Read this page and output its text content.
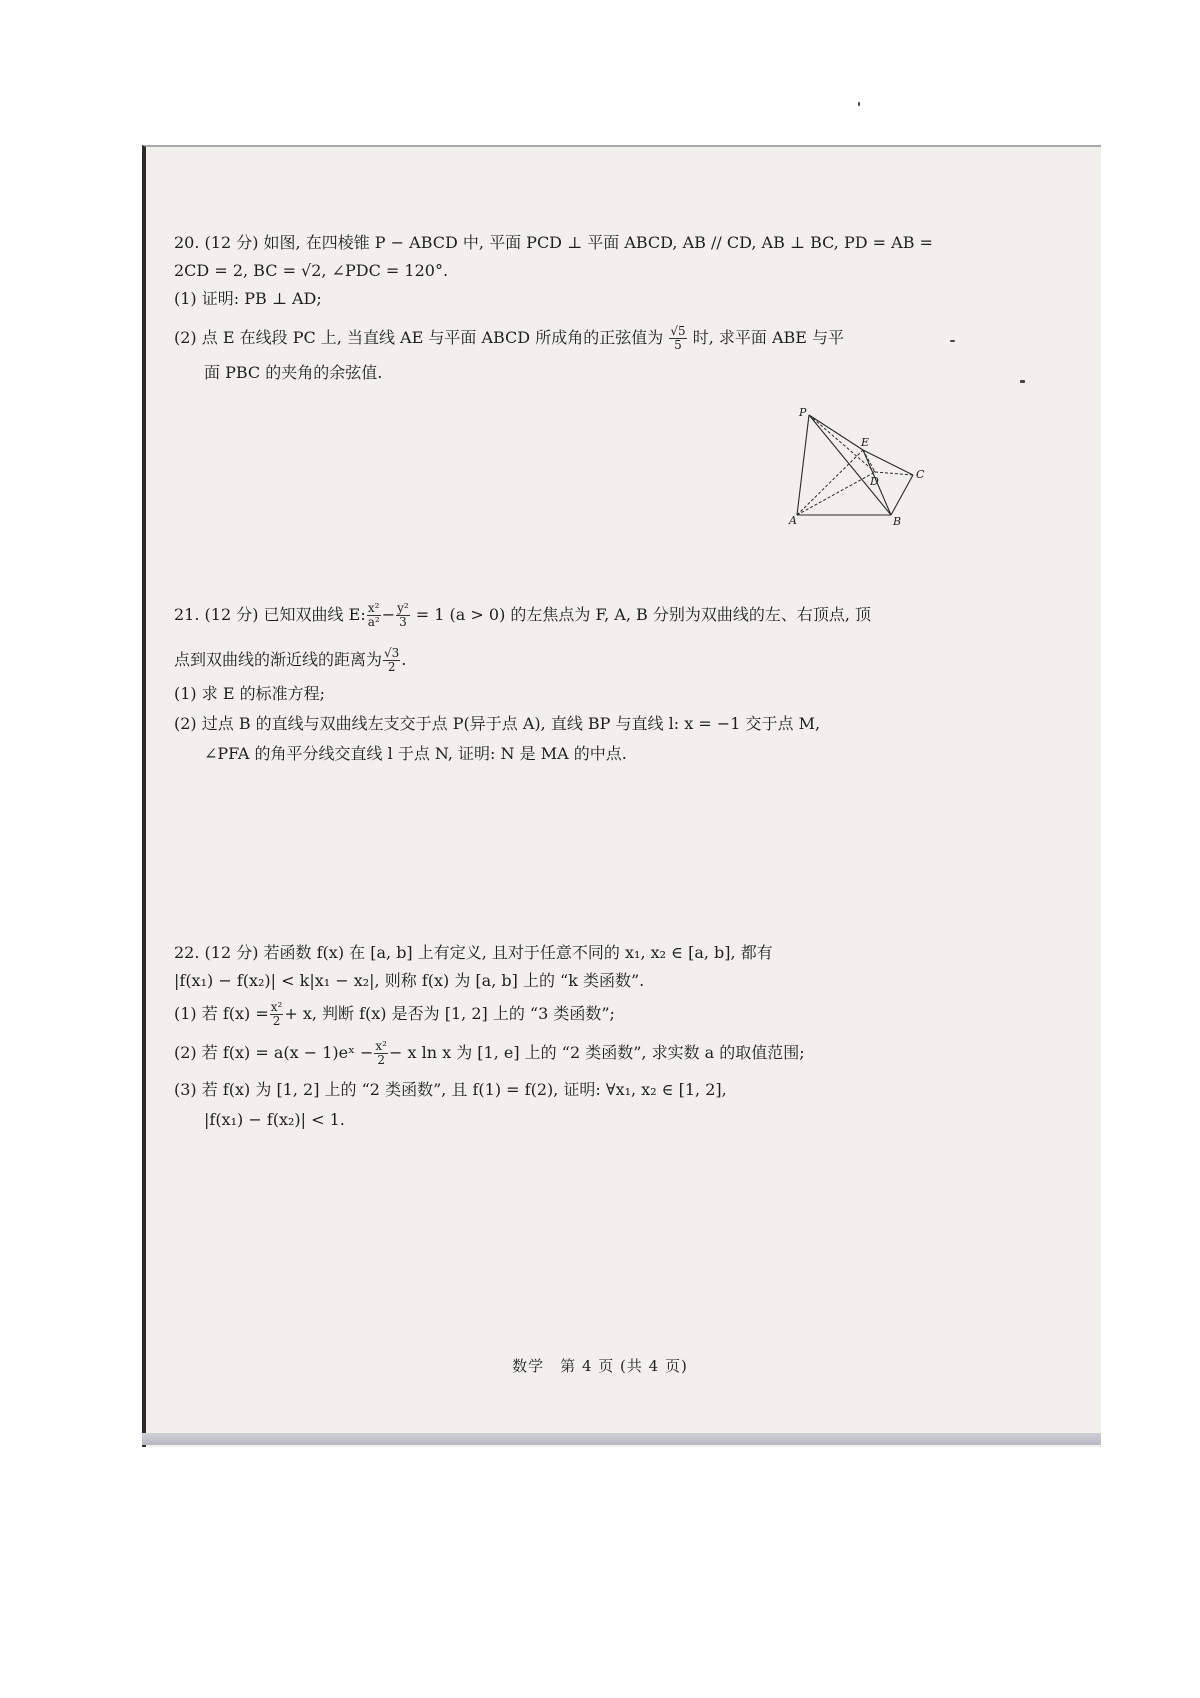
20. (12 分) 如图, 在四棱锥 P − ABCD 中, 平面 PCD ⊥ 平面 ABCD, AB // CD, AB ⊥ BC, PD = AB =

2CD = 2, BC = √2, ∠PDC = 120°.

(1) 证明: PB ⊥ AD;

(2) 点 E 在线段 PC 上, 当直线 AE 与平面 ABCD 所成角的正弦值为 $\frac{√5}{5}$ 时, 求平面 ABE 与平

面 PBC 的夹角的余弦值.

P
E
D
C
A	B

21. (12 分) 已知双曲线 E: $\frac{\text{x²}}{\text{a²}} - \frac{\text{y²}}{3} = 1$ (a > 0) 的左焦点为 F, A, B 分别为双曲线的左、右顶点, 顶

点到双曲线的渐近线的距离为 $\frac{√3}{2}$ .

(1) 求 E 的标准方程;

(2) 过点 B 的直线与双曲线左支交于点 P(异于点 A), 直线 BP 与直线 l: x = −1 交于点 M,

∠PFA 的角平分线交直线 l 于点 N, 证明: N 是 MA 的中点.

22. (12 分) 若函数 f(x) 在 [a, b] 上有定义, 且对于任意不同的 x₁, x₂ ∈ [a, b], 都有

|f(x₁) − f(x₂)| < k|x₁ − x₂|, 则称 f(x) 为 [a, b] 上的 “k 类函数”.

(1) 若 $f(x) = \frac{\text{x²}}{2} + x$, 判断 f(x) 是否为 [1, 2] 上的 “3 类函数”;

(2) 若 f(x) = a(x − 1)eˣ − $\frac{\text{x²}}{2} - x$ ln x 为 [1, e] 上的 “2 类函数”, 求实数 a 的取值范围;

(3) 若 f(x) 为 [1, 2] 上的 “2 类函数”, 且 f(1) = f(2), 证明: ∀x₁, x₂ ∈ [1, 2],

|f(x₁) − f(x₂)| < 1.

数学　第 4 页 (共 4 页)
